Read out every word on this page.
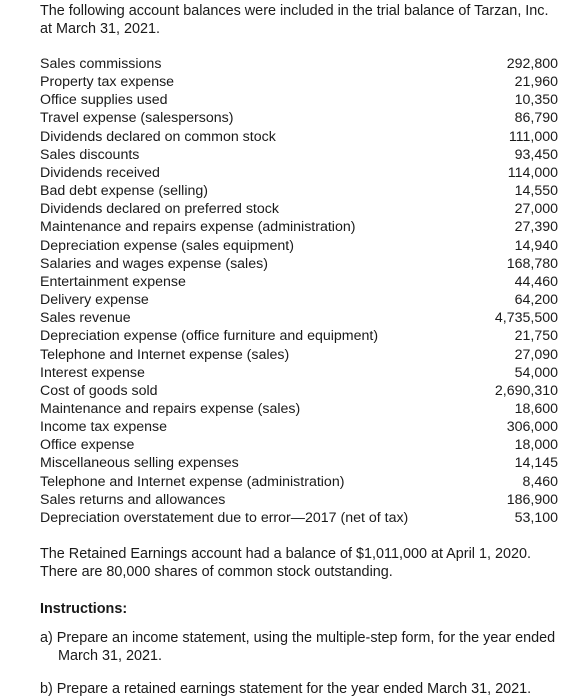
The following account balances were included in the trial balance of Tarzan, Inc. at March 31, 2021.
Sales commissions	292,800
Property tax expense	21,960
Office supplies used	10,350
Travel expense (salespersons)	86,790
Dividends declared on common stock	111,000
Sales discounts	93,450
Dividends received	114,000
Bad debt expense (selling)	14,550
Dividends declared on preferred stock	27,000
Maintenance and repairs expense (administration)	27,390
Depreciation expense (sales equipment)	14,940
Salaries and wages expense (sales)	168,780
Entertainment expense	44,460
Delivery expense	64,200
Sales revenue	4,735,500
Depreciation expense (office furniture and equipment)	21,750
Telephone and Internet expense (sales)	27,090
Interest expense	54,000
Cost of goods sold	2,690,310
Maintenance and repairs expense (sales)	18,600
Income tax expense	306,000
Office expense	18,000
Miscellaneous selling expenses	14,145
Telephone and Internet expense (administration)	8,460
Sales returns and allowances	186,900
Depreciation overstatement due to error—2017 (net of tax)	53,100
The Retained Earnings account had a balance of $1,011,000 at April 1, 2020. There are 80,000 shares of common stock outstanding.
Instructions:
a) Prepare an income statement, using the multiple-step form, for the year ended March 31, 2021.
b) Prepare a retained earnings statement for the year ended March 31, 2021.
